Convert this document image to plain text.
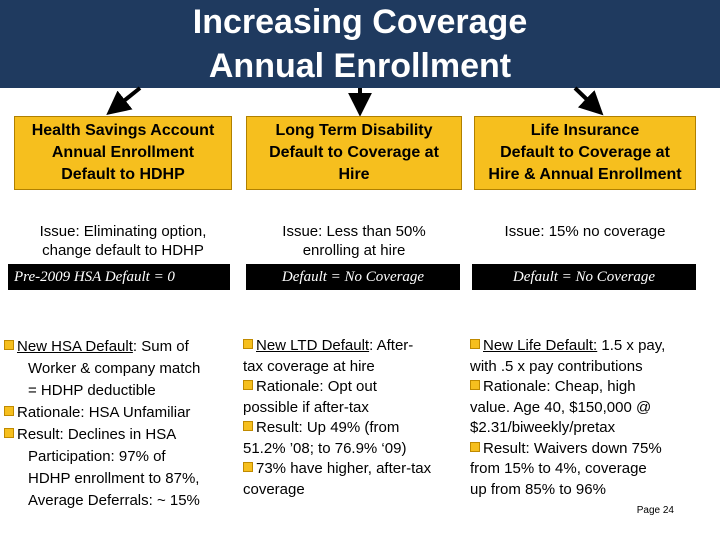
Increasing Coverage
Annual Enrollment
Health Savings Account
Annual Enrollment
Default to HDHP
Long Term Disability
Default to Coverage at
Hire
Life Insurance
Default to Coverage at
Hire & Annual Enrollment
Issue: Eliminating option,
change default to HDHP
Issue: Less than 50%
enrolling at hire
Issue: 15% no coverage
Pre-2009 HSA Default = 0	Default = No Coverage	Default = No Coverage

New HSA Default: Sum of

Worker & company match

= HDHP deductible

Rationale: HSA Unfamiliar

Result: Declines in HSA

Participation: 97% of

HDHP enrollment to 87%,

Average Deferrals: ~ 15%

New LTD Default: After-

tax coverage at hire

Rationale: Opt out

possible if after-tax

Result: Up 49% (from

51.2% ’08; to 76.9% ‘09)

73% have higher, after-tax

coverage

New Life Default: 1.5 x pay,

with .5 x pay contributions

Rationale: Cheap, high

value. Age 40, $150,000 @

$2.31/biweekly/pretax

Result: Waivers down 75%

from 15% to 4%, coverage

up from 85% to 96%

Page 24
